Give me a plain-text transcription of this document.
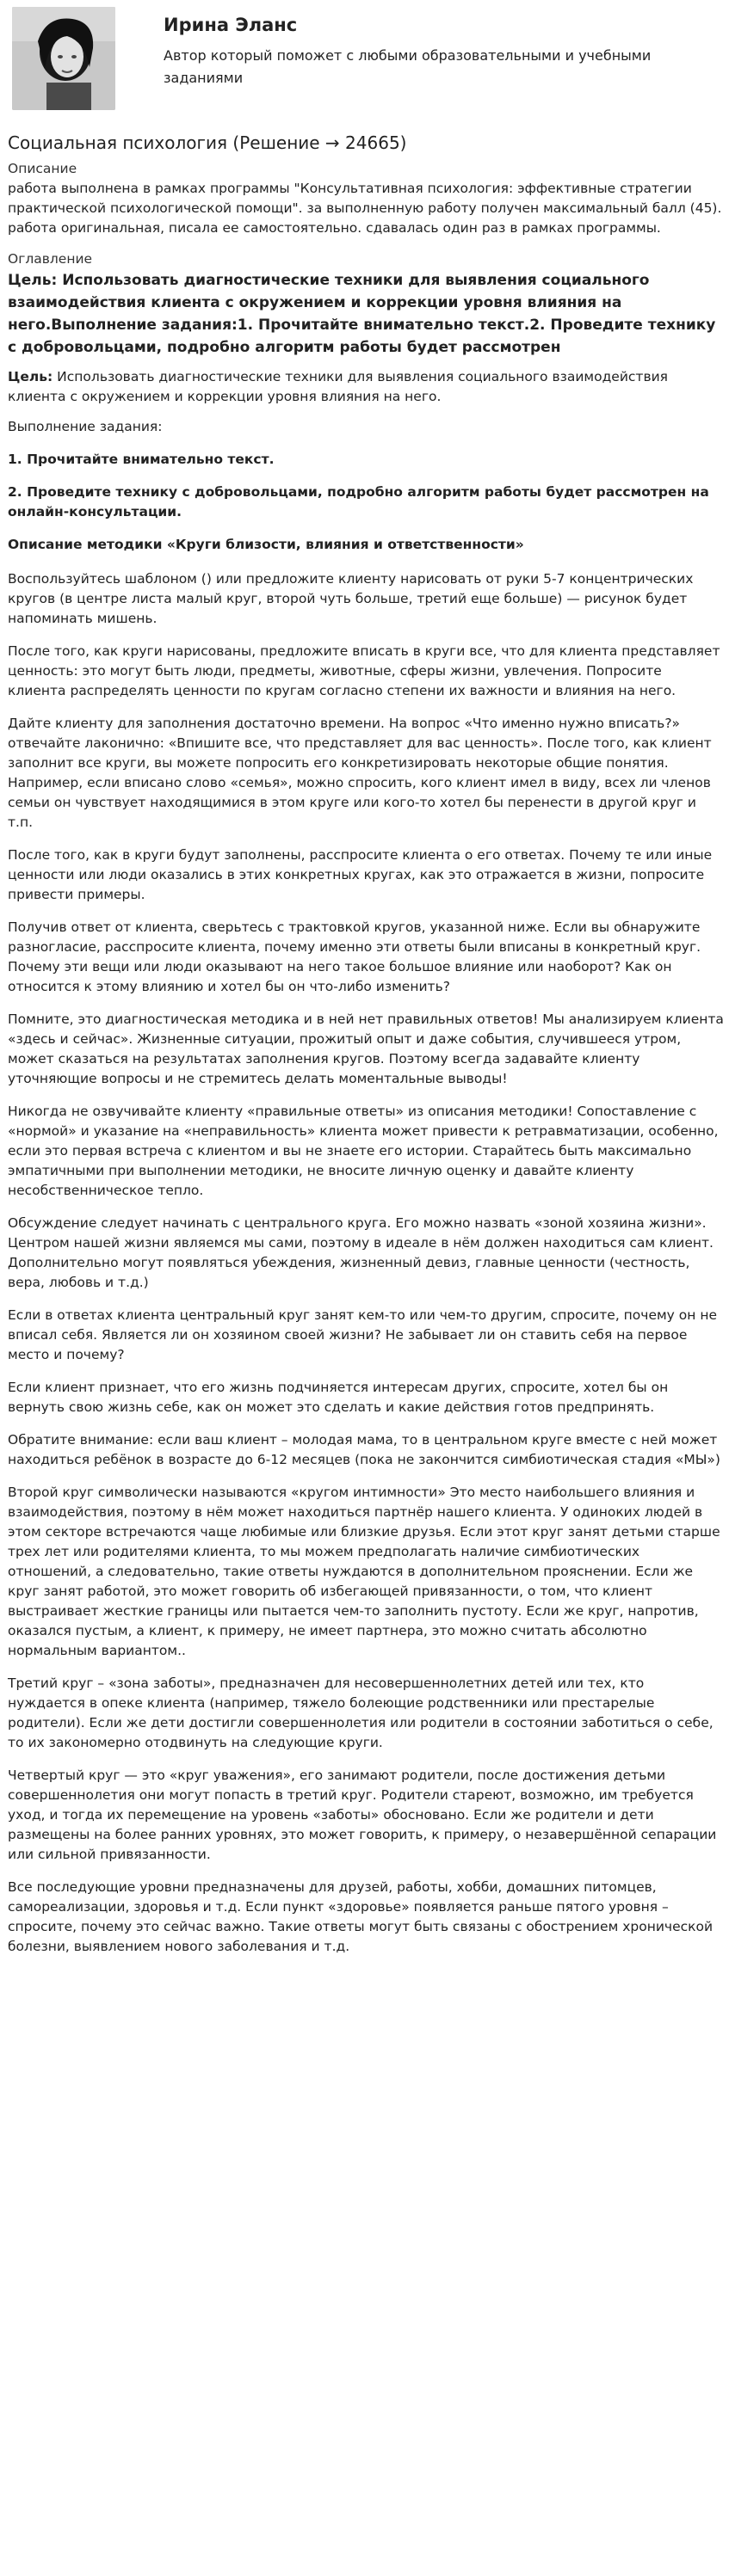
Ирина Эланс
Автор который поможет с любыми образовательными и учебными заданиями
Социальная психология (Решение → 24665)
Описание
работа выполнена в рамках программы "Консультативная психология: эффективные стратегии практической психологической помощи". за выполненную работу получен максимальный балл (45). работа оригинальная, писала ее самостоятельно. сдавалась один раз в рамках программы.
Оглавление
Цель: Использовать диагностические техники для выявления социального взаимодействия клиента с окружением и коррекции уровня влияния на него.Выполнение задания:1. Прочитайте внимательно текст.2. Проведите технику с добровольцами, подробно алгоритм работы будет рассмотрен
Цель: Использовать диагностические техники для выявления социального взаимодействия клиента с окружением и коррекции уровня влияния на него.

Выполнение задания:

1. Прочитайте внимательно текст.

2. Проведите технику с добровольцами, подробно алгоритм работы будет рассмотрен на онлайн-консультации.

Описание методики «Круги близости, влияния и ответственности»

Воспользуйтесь шаблоном () или предложите клиенту нарисовать от руки 5-7 концентрических кругов (в центре листа малый круг, второй чуть больше, третий еще больше) — рисунок будет напоминать мишень.

После того, как круги нарисованы, предложите вписать в круги все, что для клиента представляет ценность: это могут быть люди, предметы, животные, сферы жизни, увлечения. Попросите клиента распределять ценности по кругам согласно степени их важности и влияния на него.

Дайте клиенту для заполнения достаточно времени. На вопрос «Что именно нужно вписать?» отвечайте лаконично: «Впишите все, что представляет для вас ценность». После того, как клиент заполнит все круги, вы можете попросить его конкретизировать некоторые общие понятия. Например, если вписано слово «семья», можно спросить, кого клиент имел в виду, всех ли членов семьи он чувствует находящимися в этом круге или кого-то хотел бы перенести в другой круг и т.п.

После того, как в круги будут заполнены, расспросите клиента о его ответах. Почему те или иные ценности или люди оказались в этих конкретных кругах, как это отражается в жизни, попросите привести примеры.

Получив ответ от клиента, сверьтесь с трактовкой кругов, указанной ниже. Если вы обнаружите разногласие, расспросите клиента, почему именно эти ответы были вписаны в конкретный круг. Почему эти вещи или люди оказывают на него такое большое влияние или наоборот? Как он относится к этому влиянию и хотел бы он что-либо изменить?

Помните, это диагностическая методика и в ней нет правильных ответов! Мы анализируем клиента «здесь и сейчас». Жизненные ситуации, прожитый опыт и даже события, случившееся утром, может сказаться на результатах заполнения кругов. Поэтому всегда задавайте клиенту уточняющие вопросы и не стремитесь делать моментальные выводы!

Никогда не озвучивайте клиенту «правильные ответы» из описания методики! Сопоставление с «нормой» и указание на «неправильность» клиента может привести к ретравматизации, особенно, если это первая встреча с клиентом и вы не знаете его истории. Старайтесь быть максимально эмпатичными при выполнении методики, не вносите личную оценку и давайте клиенту несобственническое тепло.

Обсуждение следует начинать с центрального круга. Его можно назвать «зоной хозяина жизни». Центром нашей жизни являемся мы сами, поэтому в идеале в нём должен находиться сам клиент. Дополнительно могут появляться убеждения, жизненный девиз, главные ценности (честность, вера, любовь и т.д.)

Если в ответах клиента центральный круг занят кем-то или чем-то другим, спросите, почему он не вписал себя. Является ли он хозяином своей жизни? Не забывает ли он ставить себя на первое место и почему?

Если клиент признает, что его жизнь подчиняется интересам других, спросите, хотел бы он вернуть свою жизнь себе, как он может это сделать и какие действия готов предпринять.

Обратите внимание: если ваш клиент – молодая мама, то в центральном круге вместе с ней может находиться ребёнок в возрасте до 6-12 месяцев (пока не закончится симбиотическая стадия «МЫ»)

Второй круг символически называются «кругом интимности» Это место наибольшего влияния и взаимодействия, поэтому в нём может находиться партнёр нашего клиента. У одиноких людей в этом секторе встречаются чаще любимые или близкие друзья. Если этот круг занят детьми старше трех лет или родителями клиента, то мы можем предполагать наличие симбиотических отношений, а следовательно, такие ответы нуждаются в дополнительном прояснении. Если же круг занят работой, это может говорить об избегающей привязанности, о том, что клиент выстраивает жесткие границы или пытается чем-то заполнить пустоту. Если же круг, напротив, оказался пустым, а клиент, к примеру, не имеет партнера, это можно считать абсолютно нормальным вариантом..

Третий круг – «зона заботы», предназначен для несовершеннолетних детей или тех, кто нуждается в опеке клиента (например, тяжело болеющие родственники или престарелые родители). Если же дети достигли совершеннолетия или родители в состоянии заботиться о себе, то их закономерно отодвинуть на следующие круги.

Четвертый круг — это «круг уважения», его занимают родители, после достижения детьми совершеннолетия они могут попасть в третий круг. Родители стареют, возможно, им требуется уход, и тогда их перемещение на уровень «заботы» обосновано. Если же родители и дети размещены на более ранних уровнях, это может говорить, к примеру, о незавершённой сепарации или сильной привязанности.

Все последующие уровни предназначены для друзей, работы, хобби, домашних питомцев, самореализации, здоровья и т.д. Если пункт «здоровье» появляется раньше пятого уровня – спросите, почему это сейчас важно. Такие ответы могут быть связаны с обострением хронической болезни, выявлением нового заболевания и т.д.
